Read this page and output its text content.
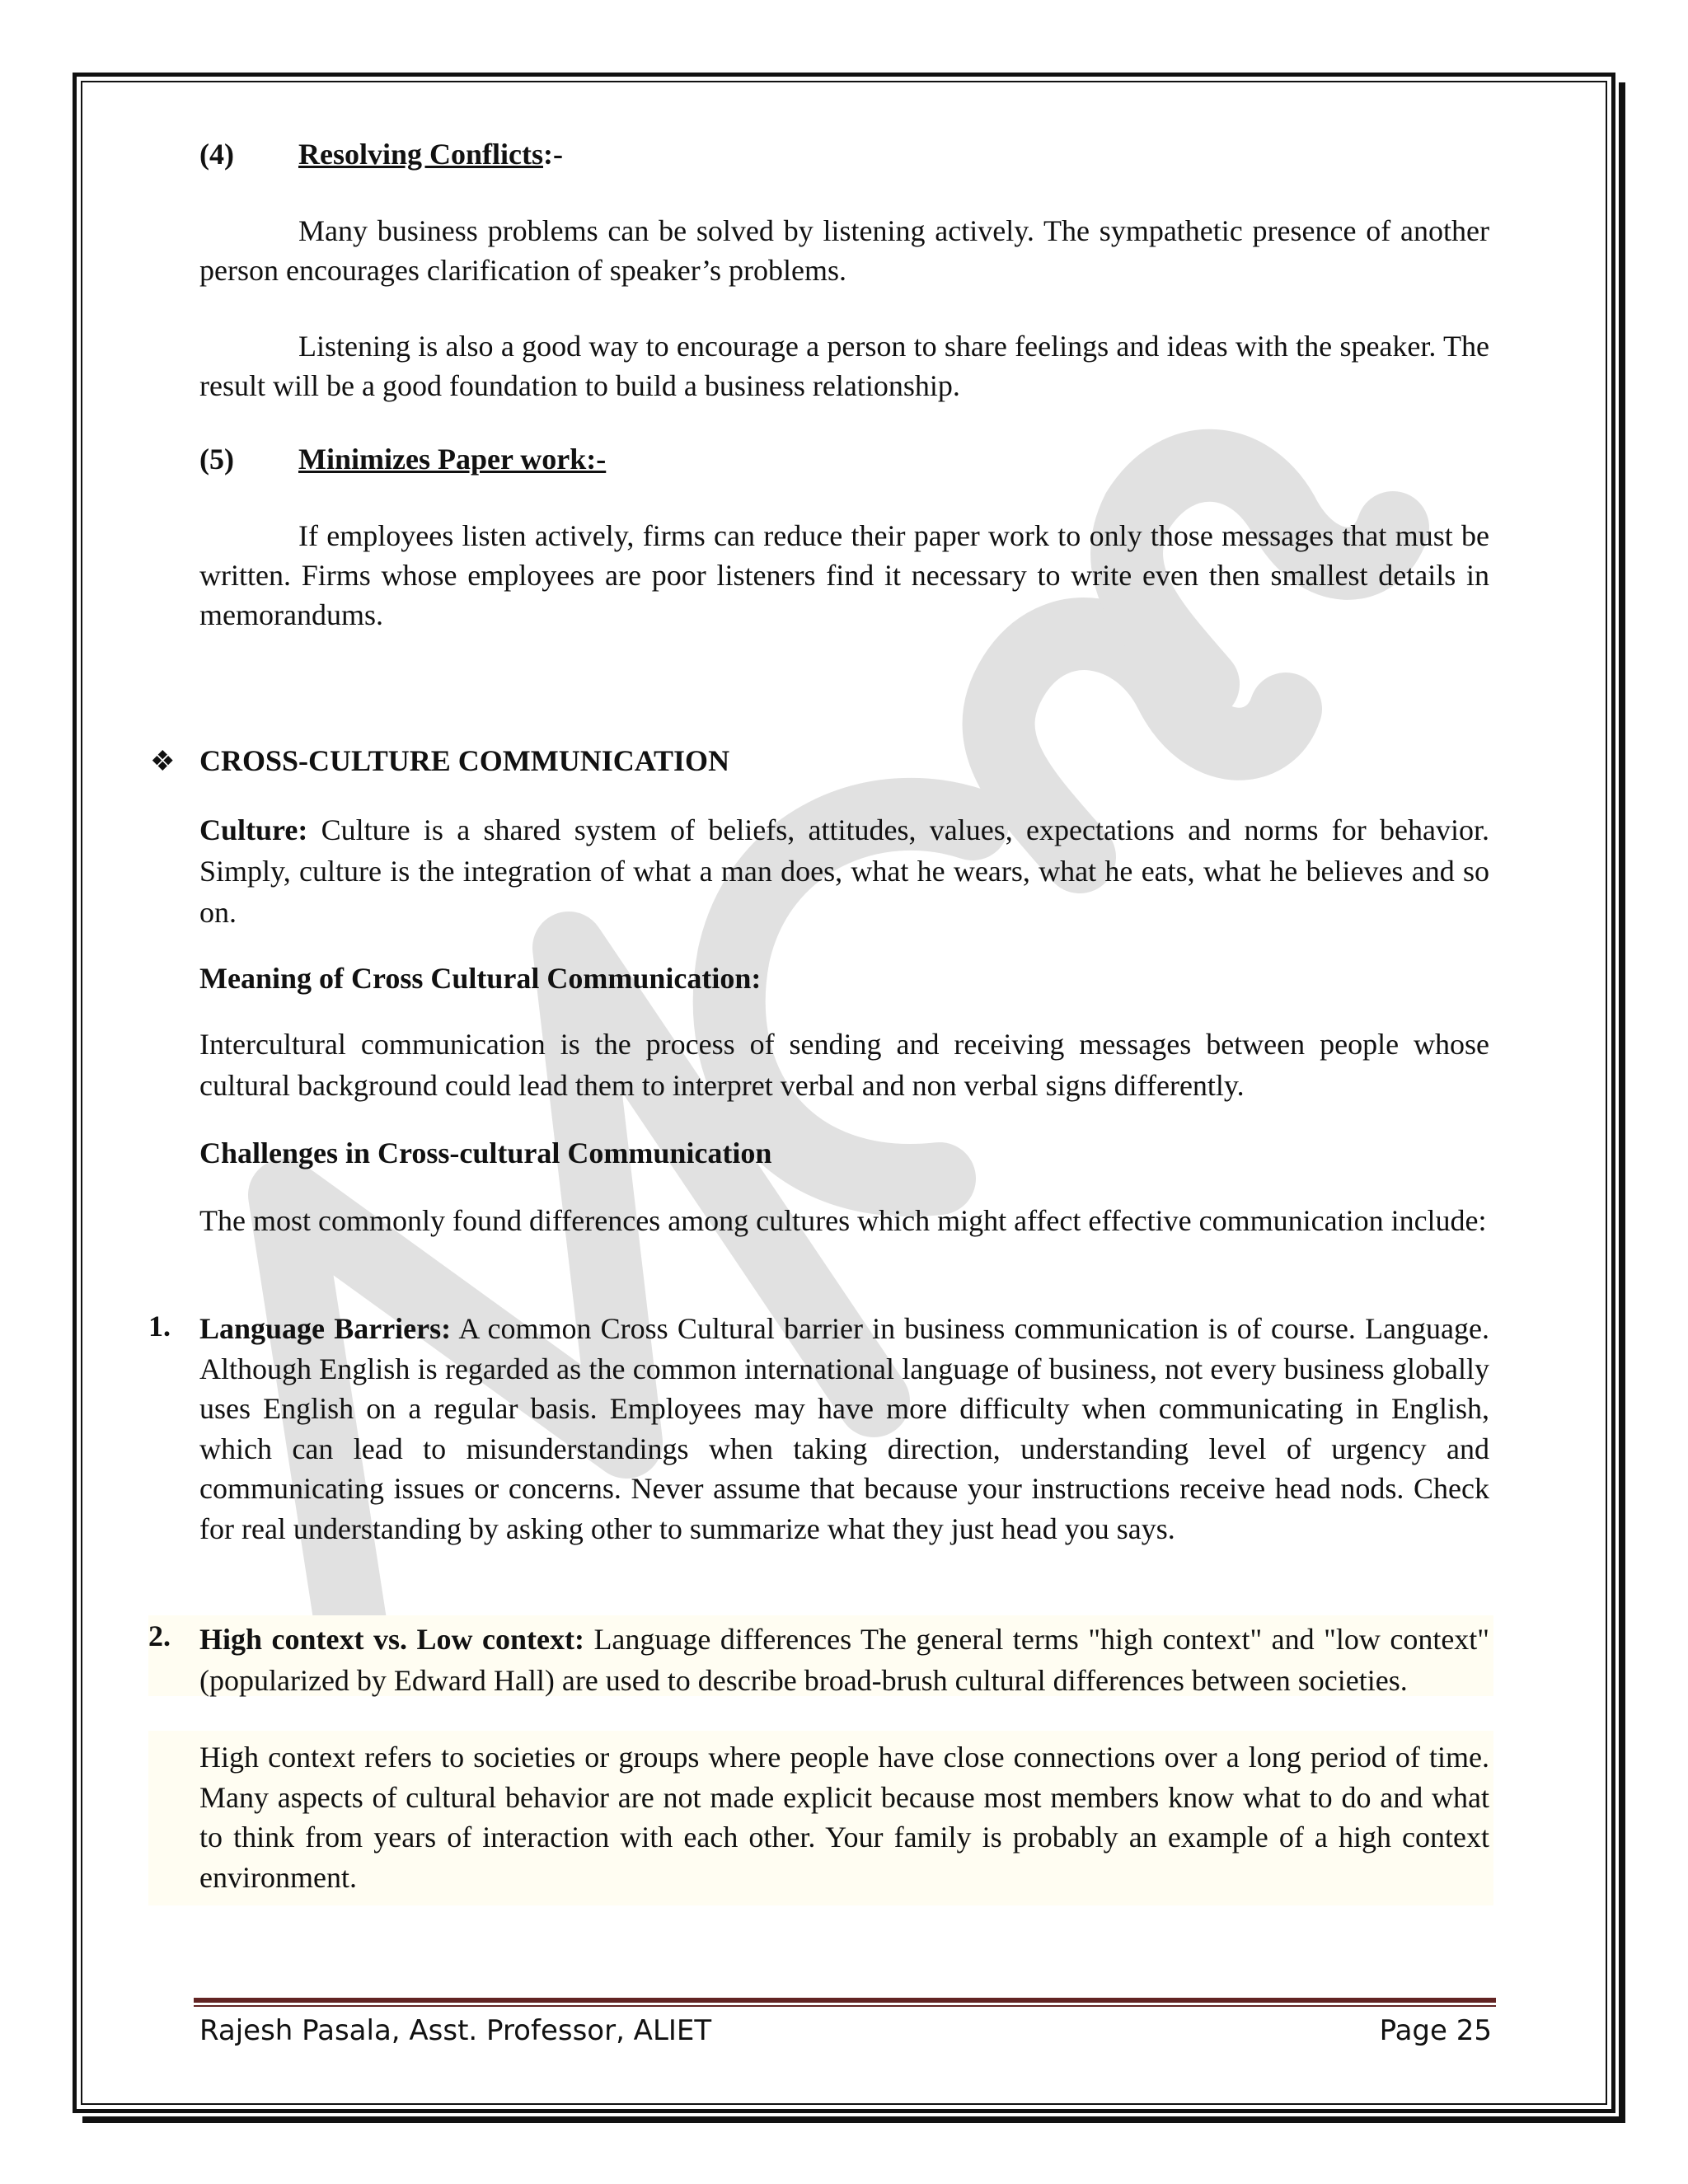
(4) Resolving Conflicts:-

Many business problems can be solved by listening actively. The sympathetic presence of another person encourages clarification of speaker’s problems.

Listening is also a good way to encourage a person to share feelings and ideas with the speaker. The result will be a good foundation to build a business relationship.

(5) Minimizes Paper work:-

If employees listen actively, firms can reduce their paper work to only those messages that must be written. Firms whose employees are poor listeners find it necessary to write even then smallest details in memorandums.

❖ CROSS-CULTURE COMMUNICATION

Culture: Culture is a shared system of beliefs, attitudes, values, expectations and norms for behavior. Simply, culture is the integration of what a man does, what he wears, what he eats, what he believes and so on.

Meaning of Cross Cultural Communication:

Intercultural communication is the process of sending and receiving messages between people whose cultural background could lead them to interpret verbal and non verbal signs differently.

Challenges in Cross-cultural Communication

The most commonly found differences among cultures which might affect effective communication include:

1. Language Barriers: A common Cross Cultural barrier in business communication is of course. Language. Although English is regarded as the common international language of business, not every business globally uses English on a regular basis. Employees may have more difficulty when communicating in English, which can lead to misunderstandings when taking direction, understanding level of urgency and communicating issues or concerns. Never assume that because your instructions receive head nods. Check for real understanding by asking other to summarize what they just head you says.

2. High context vs. Low context: Language differences The general terms "high context" and "low context" (popularized by Edward Hall) are used to describe broad-brush cultural differences between societies.

High context refers to societies or groups where people have close connections over a long period of time. Many aspects of cultural behavior are not made explicit because most members know what to do and what to think from years of interaction with each other. Your family is probably an example of a high context environment.

Rajesh Pasala, Asst. Professor, ALIET	Page 25
